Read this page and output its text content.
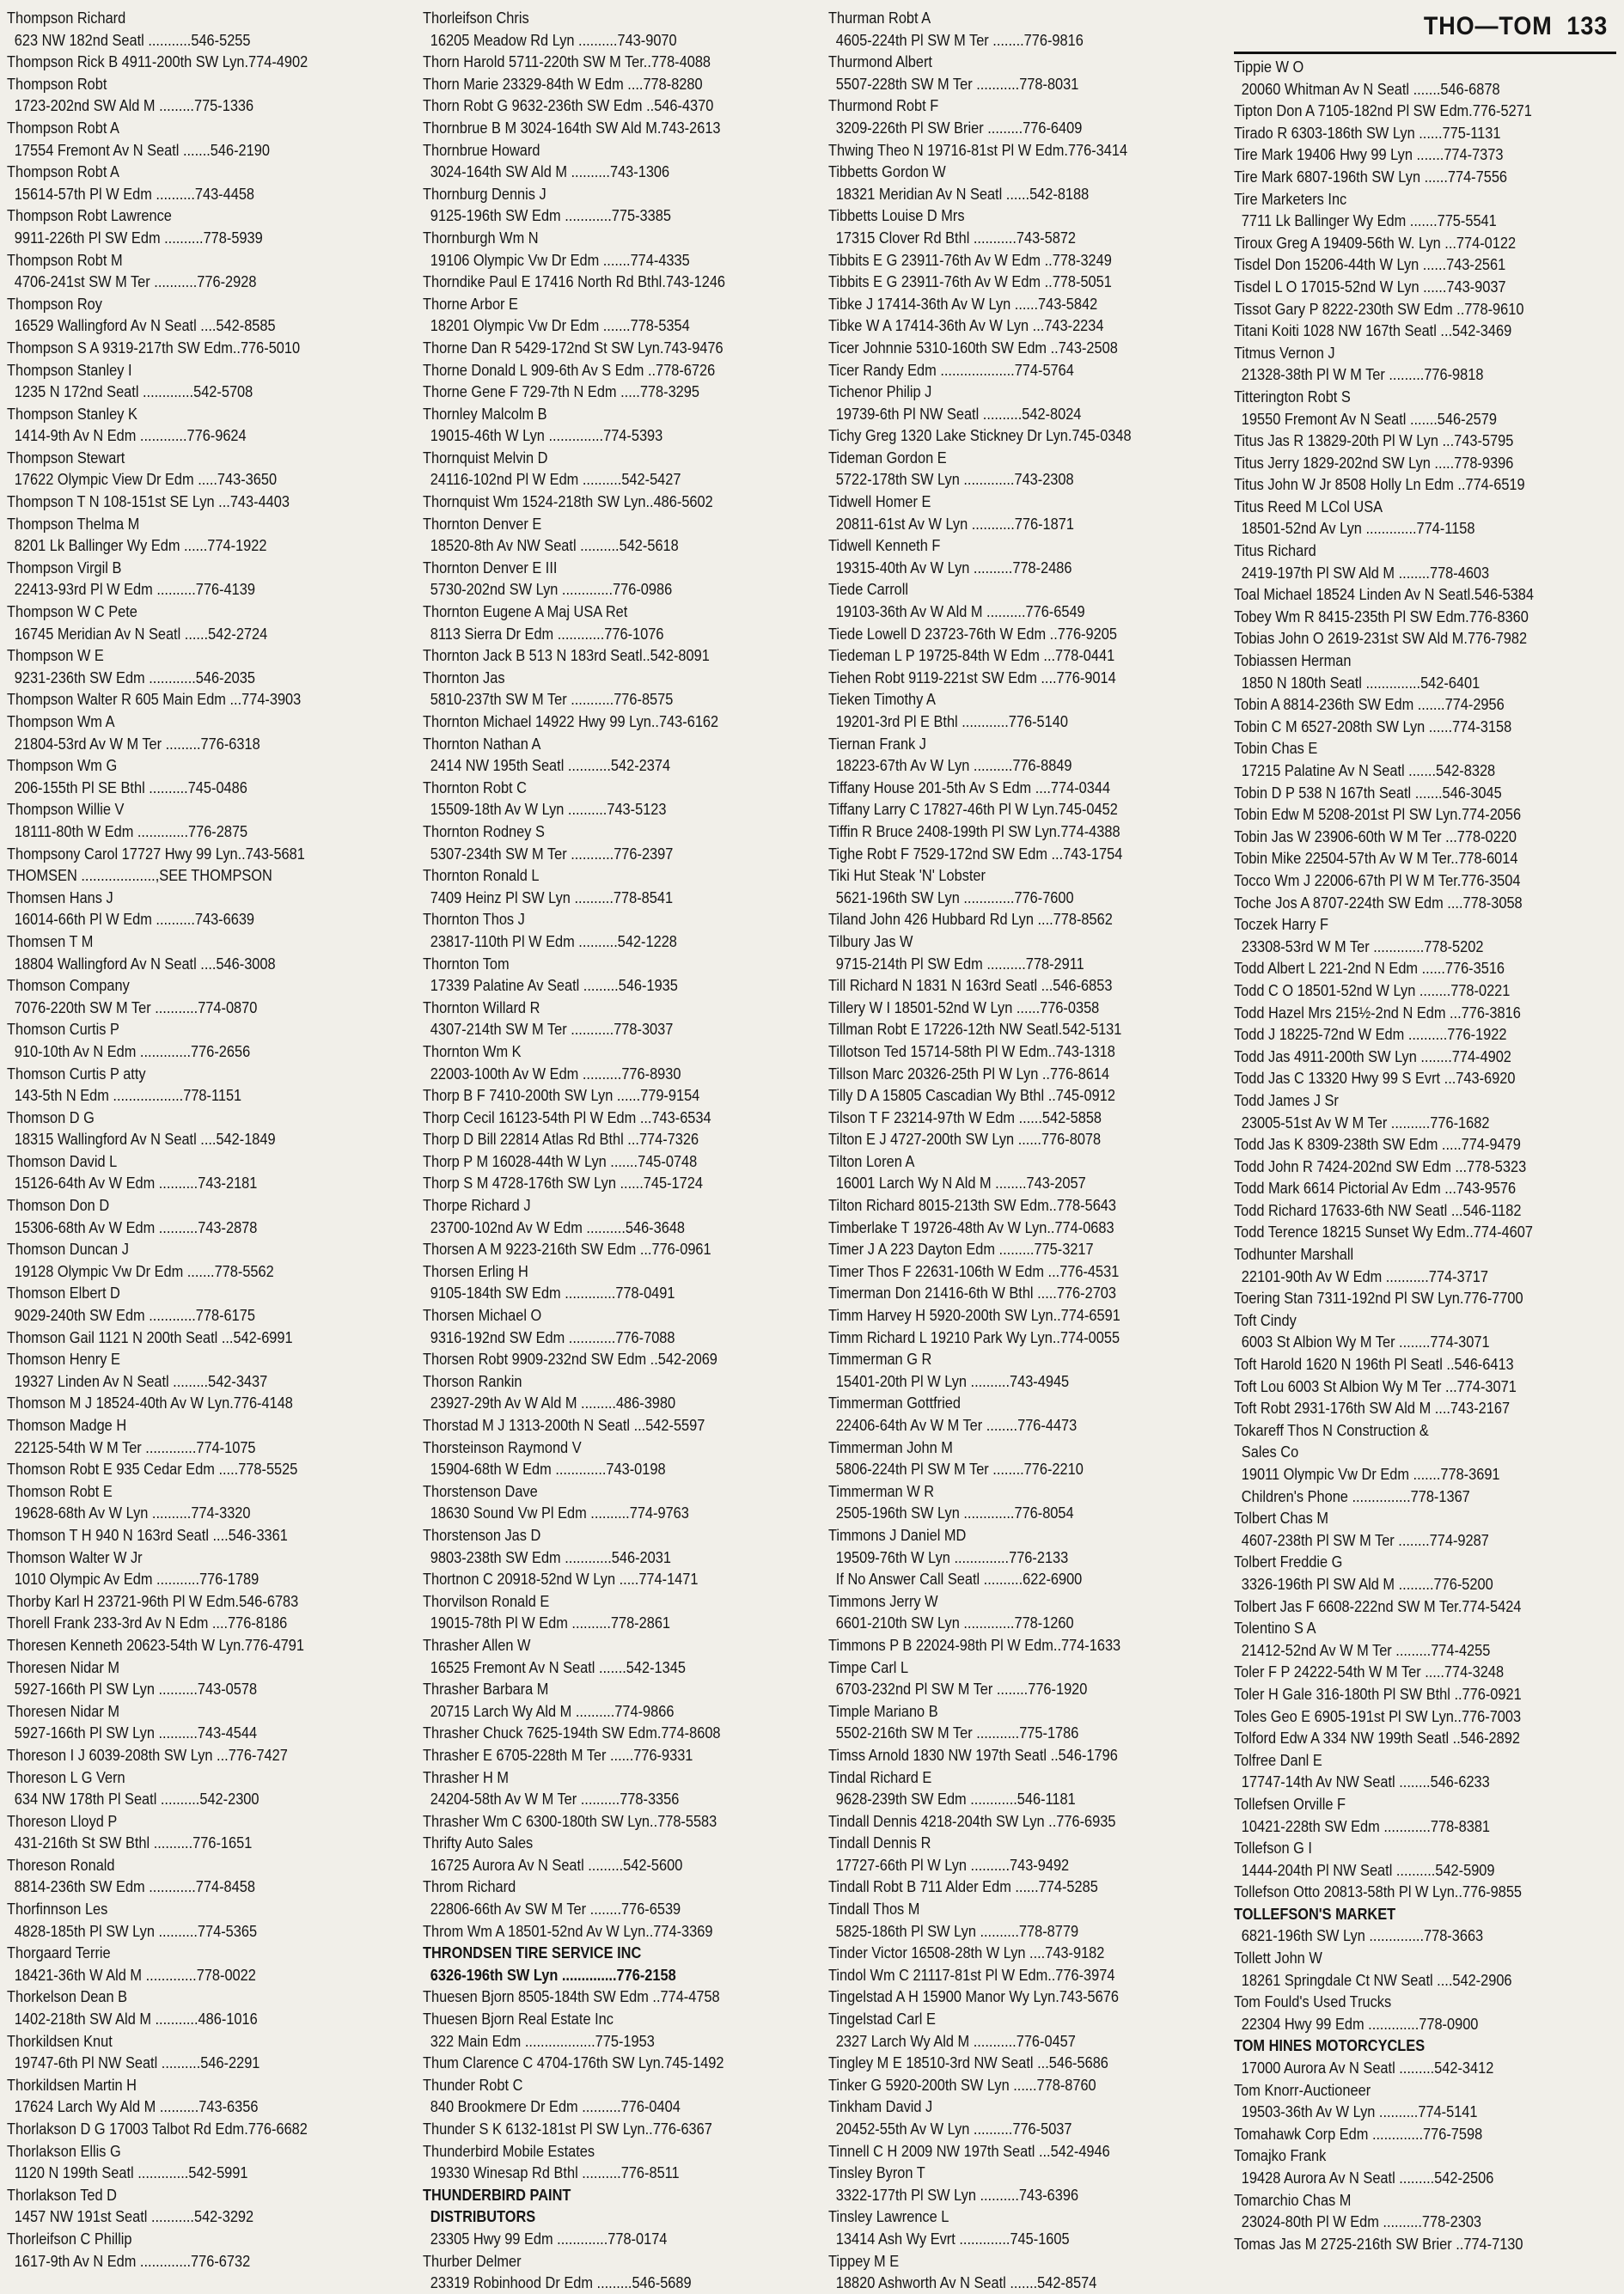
Thompson Richard
623 NW 182nd Seatl ...........546-5255
Thompson Rick B 4911-200th SW Lyn.774-4902
Thompson Robt
1723-202nd SW Ald M .........775-1336
Thompson Robt A
17554 Fremont Av N Seatl .......546-2190
Thompson Robt A
15614-57th Pl W Edm ..........743-4458
Thompson Robt Lawrence
9911-226th Pl SW Edm ..........778-5939
Thompson Robt M
4706-241st SW M Ter ...........776-2928
Thompson Roy
16529 Wallingford Av N Seatl ....542-8585
Thompson S A 9319-217th SW Edm..776-5010
Thompson Stanley I
1235 N 172nd Seatl .............542-5708
Thompson Stanley K
1414-9th Av N Edm ............776-9624
Thompson Stewart
17622 Olympic View Dr Edm .....743-3650
Thompson T N 108-151st SE Lyn ...743-4403
Thompson Thelma M
8201 Lk Ballinger Wy Edm ......774-1922
Thompson Virgil B
22413-93rd Pl W Edm ..........776-4139
Thompson W C Pete
16745 Meridian Av N Seatl ......542-2724
Thompson W E
9231-236th SW Edm ............546-2035
Thompson Walter R 605 Main Edm ...774-3903
Thompson Wm A
21804-53rd Av W M Ter .........776-6318
Thompson Wm G
206-155th Pl SE Bthl ..........745-0486
Thompson Willie V
18111-80th W Edm .............776-2875
Thompsony Carol 17727 Hwy 99 Lyn..743-5681
THOMSEN ...................,SEE THOMPSON
Thomsen Hans J
16014-66th Pl W Edm ..........743-6639
Thomsen T M
18804 Wallingford Av N Seatl ....546-3008
Thomson Company
7076-220th SW M Ter ...........774-0870
Thomson Curtis P
910-10th Av N Edm .............776-2656
Thomson Curtis P atty
143-5th N Edm ..................778-1151
Thomson D G
18315 Wallingford Av N Seatl ....542-1849
Thomson David L
15126-64th Av W Edm ..........743-2181
Thomson Don D
15306-68th Av W Edm ..........743-2878
Thomson Duncan J
19128 Olympic Vw Dr Edm .......778-5562
Thomson Elbert D
9029-240th SW Edm ............778-6175
Thomson Gail 1121 N 200th Seatl ...542-6991
Thomson Henry E
19327 Linden Av N Seatl .........542-3437
Thomson M J 18524-40th Av W Lyn.776-4148
Thomson Madge H
22125-54th W M Ter .............774-1075
Thomson Robt E 935 Cedar Edm .....778-5525
Thomson Robt E
19628-68th Av W Lyn ..........774-3320
Thomson T H 940 N 163rd Seatl ....546-3361
Thomson Walter W Jr
1010 Olympic Av Edm ...........776-1789
Thorby Karl H 23721-96th Pl W Edm.546-6783
Thorell Frank 233-3rd Av N Edm ....776-8186
Thoresen Kenneth 20623-54th W Lyn.776-4791
Thoresen Nidar M
5927-166th Pl SW Lyn ..........743-0578
Thoresen Nidar M
5927-166th Pl SW Lyn ..........743-4544
Thoreson I J 6039-208th SW Lyn ...776-7427
Thoreson L G Vern
634 NW 178th Pl Seatl ..........542-2300
Thoreson Lloyd P
431-216th St SW Bthl ..........776-1651
Thoreson Ronald
8814-236th SW Edm ............774-8458
Thorfinnson Les
4828-185th Pl SW Lyn ..........774-5365
Thorgaard Terrie
18421-36th W Ald M .............778-0022
Thorkelson Dean B
1402-218th SW Ald M ...........486-1016
Thorkildsen Knut
19747-6th Pl NW Seatl ..........546-2291
Thorkildsen Martin H
17624 Larch Wy Ald M ..........743-6356
Thorlakson D G 17003 Talbot Rd Edm.776-6682
Thorlakson Ellis G
1120 N 199th Seatl .............542-5991
Thorlakson Ted D
1457 NW 191st Seatl ...........542-3292
Thorleifson C Phillip
1617-9th Av N Edm .............776-6732
Thorleifson Chris
16205 Meadow Rd Lyn ..........743-9070
Thorn Harold 5711-220th SW M Ter..778-4088
Thorn Marie 23329-84th W Edm ....778-8280
Thorn Robt G 9632-236th SW Edm ..546-4370
Thornbrue B M 3024-164th SW Ald M.743-2613
Thornbrue Howard
3024-164th SW Ald M ..........743-1306
Thornburg Dennis J
9125-196th SW Edm ............775-3385
Thornburgh Wm N
19106 Olympic Vw Dr Edm .......774-4335
Thorndike Paul E 17416 North Rd Bthl.743-1246
Thorne Arbor E
18201 Olympic Vw Dr Edm .......778-5354
Thorne Dan R 5429-172nd St SW Lyn.743-9476
Thorne Donald L 909-6th Av S Edm ..778-6726
Thorne Gene F 729-7th N Edm .....778-3295
Thornley Malcolm B
19015-46th W Lyn ..............774-5393
Thornquist Melvin D
24116-102nd Pl W Edm ..........542-5427
Thornquist Wm 1524-218th SW Lyn..486-5602
Thornton Denver E
18520-8th Av NW Seatl ..........542-5618
Thornton Denver E III
5730-202nd SW Lyn .............776-0986
Thornton Eugene A Maj USA Ret
8113 Sierra Dr Edm ............776-1076
Thornton Jack B 513 N 183rd Seatl..542-8091
Thornton Jas
5810-237th SW M Ter ...........776-8575
Thornton Michael 14922 Hwy 99 Lyn..743-6162
Thornton Nathan A
2414 NW 195th Seatl ...........542-2374
Thornton Robt C
15509-18th Av W Lyn ..........743-5123
Thornton Rodney S
5307-234th SW M Ter ...........776-2397
Thornton Ronald L
7409 Heinz Pl SW Lyn ..........778-8541
Thornton Thos J
23817-110th Pl W Edm ..........542-1228
Thornton Tom
17339 Palatine Av Seatl .........546-1935
Thornton Willard R
4307-214th SW M Ter ...........778-3037
Thornton Wm K
22003-100th Av W Edm ..........776-8930
Thorp B F 7410-200th SW Lyn ......779-9154
Thorp Cecil 16123-54th Pl W Edm ...743-6534
Thorp D Bill 22814 Atlas Rd Bthl ...774-7326
Thorp P M 16028-44th W Lyn .......745-0748
Thorp S M 4728-176th SW Lyn ......745-1724
Thorpe Richard J
23700-102nd Av W Edm ..........546-3648
Thorsen A M 9223-216th SW Edm ...776-0961
Thorsen Erling H
9105-184th SW Edm .............778-0491
Thorsen Michael O
9316-192nd SW Edm ............776-7088
Thorsen Robt 9909-232nd SW Edm ..542-2069
Thorson Rankin
23927-29th Av W Ald M .........486-3980
Thorstad M J 1313-200th N Seatl ...542-5597
Thorsteinson Raymond V
15904-68th W Edm .............743-0198
Thorstenson Dave
18630 Sound Vw Pl Edm ..........774-9763
Thorstenson Jas D
9803-238th SW Edm ............546-2031
Thortnon C 20918-52nd W Lyn .....774-1471
Thorvilson Ronald E
19015-78th Pl W Edm ..........778-2861
Thrasher Allen W
16525 Fremont Av N Seatl .......542-1345
Thrasher Barbara M
20715 Larch Wy Ald M ..........774-9866
Thrasher Chuck 7625-194th SW Edm.774-8608
Thrasher E 6705-228th M Ter ......776-9331
Thrasher H M
24204-58th Av W M Ter ..........778-3356
Thrasher Wm C 6300-180th SW Lyn..778-5583
Thrifty Auto Sales
16725 Aurora Av N Seatl .........542-5600
Throm Richard
22806-66th Av SW M Ter ........776-6539
Throm Wm A 18501-52nd Av W Lyn..774-3369
THRONDSEN TIRE SERVICE INC
6326-196th SW Lyn ..............776-2158
Thuesen Bjorn 8505-184th SW Edm ..774-4758
Thuesen Bjorn Real Estate Inc
322 Main Edm ..................775-1953
Thum Clarence C 4704-176th SW Lyn.745-1492
Thunder Robt C
840 Brookmere Dr Edm ..........776-0404
Thunder S K 6132-181st Pl SW Lyn..776-6367
Thunderbird Mobile Estates
19330 Winesap Rd Bthl ..........776-8511
THUNDERBIRD PAINT
DISTRIBUTORS
23305 Hwy 99 Edm .............778-0174
Thurber Delmer
23319 Robinhood Dr Edm .........546-5689
Thurman Robt A
4605-224th Pl SW M Ter ........776-9816
Thurmond Albert
5507-228th SW M Ter ...........778-8031
Thurmond Robt F
3209-226th Pl SW Brier .........776-6409
Thwing Theo N 19716-81st Pl W Edm.776-3414
Tibbetts Gordon W
18321 Meridian Av N Seatl ......542-8188
Tibbetts Louise D Mrs
17315 Clover Rd Bthl ...........743-5872
Tibbits E G 23911-76th Av W Edm ..778-3249
Tibbits E G 23911-76th Av W Edm ..778-5051
Tibke J 17414-36th Av W Lyn ......743-5842
Tibke W A 17414-36th Av W Lyn ...743-2234
Ticer Johnnie 5310-160th SW Edm ..743-2508
Ticer Randy Edm ...................774-5764
Tichenor Philip J
19739-6th Pl NW Seatl ..........542-8024
Tichy Greg 1320 Lake Stickney Dr Lyn.745-0348
Tideman Gordon E
5722-178th SW Lyn .............743-2308
Tidwell Homer E
20811-61st Av W Lyn ...........776-1871
Tidwell Kenneth F
19315-40th Av W Lyn ..........778-2486
Tiede Carroll
19103-36th Av W Ald M ..........776-6549
Tiede Lowell D 23723-76th W Edm ..776-9205
Tiedeman L P 19725-84th W Edm ...778-0441
Tiehen Robt 9119-221st SW Edm ....776-9014
Tieken Timothy A
19201-3rd Pl E Bthl ............776-5140
Tiernan Frank J
18223-67th Av W Lyn ..........776-8849
Tiffany House 201-5th Av S Edm ....774-0344
Tiffany Larry C 17827-46th Pl W Lyn.745-0452
Tiffin R Bruce 2408-199th Pl SW Lyn.774-4388
Tighe Robt F 7529-172nd SW Edm ...743-1754
Tiki Hut Steak 'N' Lobster
5621-196th SW Lyn .............776-7600
Tiland John 426 Hubbard Rd Lyn ....778-8562
Tilbury Jas W
9715-214th Pl SW Edm ..........778-2911
Till Richard N 1831 N 163rd Seatl ...546-6853
Tillery W I 18501-52nd W Lyn ......776-0358
Tillman Robt E 17226-12th NW Seatl.542-5131
Tillotson Ted 15714-58th Pl W Edm..743-1318
Tillson Marc 20326-25th Pl W Lyn ..776-8614
Tilly D A 15805 Cascadian Wy Bthl ..745-0912
Tilson T F 23214-97th W Edm ......542-5858
Tilton E J 4727-200th SW Lyn ......776-8078
Tilton Loren A
16001 Larch Wy N Ald M ........743-2057
Tilton Richard 8015-213th SW Edm..778-5643
Timberlake T 19726-48th Av W Lyn..774-0683
Timer J A 223 Dayton Edm .........775-3217
Timer Thos F 22631-106th W Edm ...776-4531
Timerman Don 21416-6th W Bthl .....776-2703
Timm Harvey H 5920-200th SW Lyn..774-6591
Timm Richard L 19210 Park Wy Lyn..774-0055
Timmerman G R
15401-20th Pl W Lyn ..........743-4945
Timmerman Gottfried
22406-64th Av W M Ter ........776-4473
Timmerman John M
5806-224th Pl SW M Ter ........776-2210
Timmerman W R
2505-196th SW Lyn .............776-8054
Timmons J Daniel MD
19509-76th W Lyn ..............776-2133
If No Answer Call Seatl ..........622-6900
Timmons Jerry W
6601-210th SW Lyn .............778-1260
Timmons P B 22024-98th Pl W Edm..774-1633
Timpe Carl L
6703-232nd Pl SW M Ter ........776-1920
Timple Mariano B
5502-216th SW M Ter ...........775-1786
Timss Arnold 1830 NW 197th Seatl ..546-1796
Tindal Richard E
9628-239th SW Edm ............546-1181
Tindall Dennis 4218-204th SW Lyn ..776-6935
Tindall Dennis R
17727-66th Pl W Lyn ..........743-9492
Tindall Robt B 711 Alder Edm ......774-5285
Tindall Thos M
5825-186th Pl SW Lyn ..........778-8779
Tinder Victor 16508-28th W Lyn ....743-9182
Tindol Wm C 21117-81st Pl W Edm..776-3974
Tingelstad A H 15900 Manor Wy Lyn.743-5676
Tingelstad Carl E
2327 Larch Wy Ald M ...........776-0457
Tingley M E 18510-3rd NW Seatl ...546-5686
Tinker G 5920-200th SW Lyn ......778-8760
Tinkham David J
20452-55th Av W Lyn ..........776-5037
Tinnell C H 2009 NW 197th Seatl ...542-4946
Tinsley Byron T
3322-177th Pl SW Lyn ..........743-6396
Tinsley Lawrence L
13414 Ash Wy Evrt .............745-1605
Tippey M E
18820 Ashworth Av N Seatl .......542-8574
THO—TOM 133
Tippie W O
20060 Whitman Av N Seatl .......546-6878
Tipton Don A 7105-182nd Pl SW Edm.776-5271
Tirado R 6303-186th SW Lyn ......775-1131
Tire Mark 19406 Hwy 99 Lyn .......774-7373
Tire Mark 6807-196th SW Lyn ......774-7556
Tire Marketers Inc
7711 Lk Ballinger Wy Edm .......775-5541
Tiroux Greg A 19409-56th W. Lyn ...774-0122
Tisdel Don 15206-44th W Lyn ......743-2561
Tisdel L O 17015-52nd W Lyn ......743-9037
Tissot Gary P 8222-230th SW Edm ..778-9610
Titani Koiti 1028 NW 167th Seatl ...542-3469
Titmus Vernon J
21328-38th Pl W M Ter .........776-9818
Titterington Robt S
19550 Fremont Av N Seatl .......546-2579
Titus Jas R 13829-20th Pl W Lyn ...743-5795
Titus Jerry 1829-202nd SW Lyn .....778-9396
Titus John W Jr 8508 Holly Ln Edm ..774-6519
Titus Reed M LCol USA
18501-52nd Av Lyn .............774-1158
Titus Richard
2419-197th Pl SW Ald M ........778-4603
Toal Michael 18524 Linden Av N Seatl.546-5384
Tobey Wm R 8415-235th Pl SW Edm.776-8360
Tobias John O 2619-231st SW Ald M.776-7982
Tobiassen Herman
1850 N 180th Seatl ..............542-6401
Tobin A 8814-236th SW Edm .......774-2956
Tobin C M 6527-208th SW Lyn ......774-3158
Tobin Chas E
17215 Palatine Av N Seatl .......542-8328
Tobin D P 538 N 167th Seatl .......546-3045
Tobin Edw M 5208-201st Pl SW Lyn.774-2056
Tobin Jas W 23906-60th W M Ter ...778-0220
Tobin Mike 22504-57th Av W M Ter..778-6014
Tocco Wm J 22006-67th Pl W M Ter.776-3504
Toche Jos A 8707-224th SW Edm ....778-3058
Toczek Harry F
23308-53rd W M Ter .............778-5202
Todd Albert L 221-2nd N Edm ......776-3516
Todd C O 18501-52nd W Lyn ........778-0221
Todd Hazel Mrs 215½-2nd N Edm ...776-3816
Todd J 18225-72nd W Edm ..........776-1922
Todd Jas 4911-200th SW Lyn ........774-4902
Todd Jas C 13320 Hwy 99 S Evrt ...743-6920
Todd James J Sr
23005-51st Av W M Ter ..........776-1682
Todd Jas K 8309-238th SW Edm .....774-9479
Todd John R 7424-202nd SW Edm ...778-5323
Todd Mark 6614 Pictorial Av Edm ...743-9576
Todd Richard 17633-6th NW Seatl ...546-1182
Todd Terence 18215 Sunset Wy Edm..774-4607
Todhunter Marshall
22101-90th Av W Edm ...........774-3717
Toering Stan 7311-192nd Pl SW Lyn.776-7700
Toft Cindy
6003 St Albion Wy M Ter ........774-3071
Toft Harold 1620 N 196th Pl Seatl ..546-6413
Toft Lou 6003 St Albion Wy M Ter ...774-3071
Toft Robt 2931-176th SW Ald M ....743-2167
Tokareff Thos N Construction &
Sales Co
19011 Olympic Vw Dr Edm .......778-3691
Children's Phone ...............778-1367
Tolbert Chas M
4607-238th Pl SW M Ter ........774-9287
Tolbert Freddie G
3326-196th Pl SW Ald M .........776-5200
Tolbert Jas F 6608-222nd SW M Ter.774-5424
Tolentino S A
21412-52nd Av W M Ter .........774-4255
Toler F P 24222-54th W M Ter .....774-3248
Toler H Gale 316-180th Pl SW Bthl ..776-0921
Toles Geo E 6905-191st Pl SW Lyn..776-7003
Tolford Edw A 334 NW 199th Seatl ..546-2892
Tolfree Danl E
17747-14th Av NW Seatl ........546-6233
Tollefsen Orville F
10421-228th SW Edm ............778-8381
Tollefson G I
1444-204th Pl NW Seatl ..........542-5909
Tollefson Otto 20813-58th Pl W Lyn..776-9855
TOLLEFSON'S MARKET
6821-196th SW Lyn ..............778-3663
Tollett John W
18261 Springdale Ct NW Seatl ....542-2906
Tom Fould's Used Trucks
22304 Hwy 99 Edm .............778-0900
TOM HINES MOTORCYCLES
17000 Aurora Av N Seatl .........542-3412
Tom Knorr-Auctioneer
19503-36th Av W Lyn ..........774-5141
Tomahawk Corp Edm .............776-7598
Tomajko Frank
19428 Aurora Av N Seatl .........542-2506
Tomarchio Chas M
23024-80th Pl W Edm ..........778-2303
Tomas Jas M 2725-216th SW Brier ..774-7130
